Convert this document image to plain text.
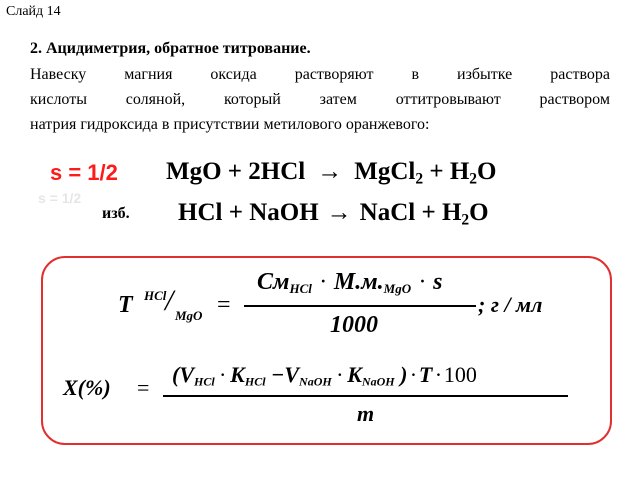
Слайд 14
2. Ацидиметрия, обратное титрование.
Навеску магния оксида растворяют в избытке раствора
кислоты соляной, который затем оттитровывают раствором
натрия гидроксида в присутствии метилового оранжевого:
s = 1/2
s = 1/2
MgO + 2HCl → MgCl$_2$ + $H_2O$
изб. HCl + NaOH → NaCl + $H_2O$
T HCl
/ MgO =
$См_{HCl} \cdot М.м._{MgO} \cdot s$
1000
; г / мл
X(%) =
($V_{HCl} \cdot K_{HCl} -V_{NaOH} \cdot K_{NaOH}$ ) · T · 100
m
